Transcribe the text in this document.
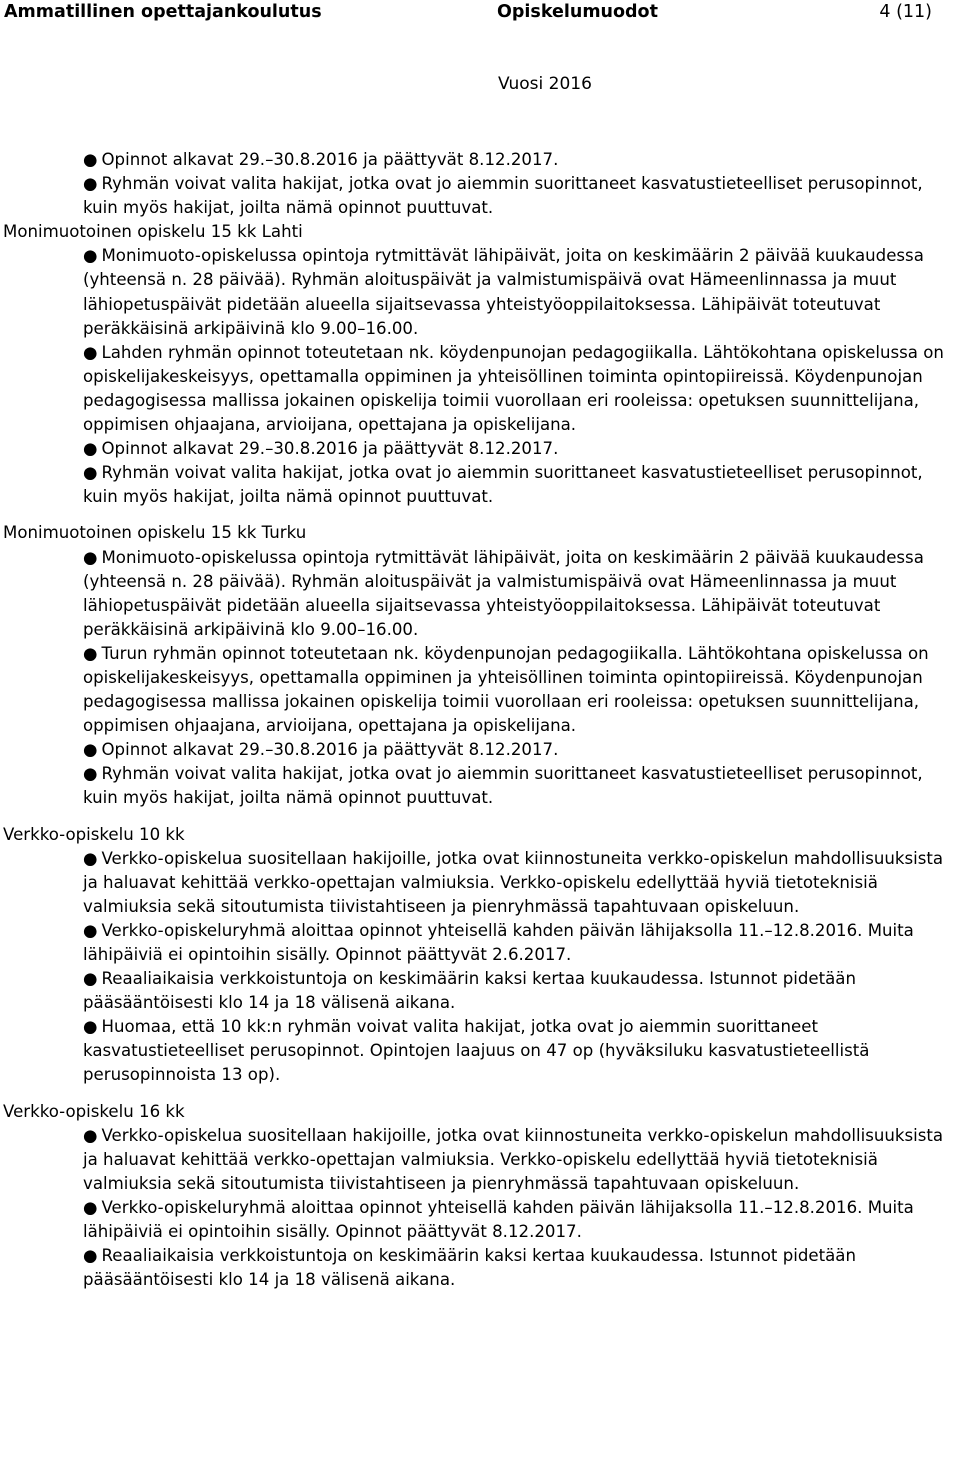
Ammatillinen opettajankoulutus	Opiskelumuodot	4 (11)
Vuosi 2016

● Opinnot alkavat 29.–30.8.2016 ja päättyvät 8.12.2017.

● Ryhmän voivat valita hakijat, jotka ovat jo aiemmin suorittaneet kasvatustieteelliset perusopinnot, kuin myös hakijat, joilta nämä opinnot puuttuvat.

Monimuotoinen opiskelu 15 kk Lahti

● Monimuoto-opiskelussa opintoja rytmittävät lähipäivät, joita on keskimäärin 2 päivää kuukaudessa (yhteensä n. 28 päivää). Ryhmän aloituspäivät ja valmistumispäivä ovat Hämeenlinnassa ja muut lähiopetuspäivät pidetään alueella sijaitsevassa yhteistyöoppilaitoksessa. Lähipäivät toteutuvat peräkkäisinä arkipäivinä klo 9.00–16.00.

● Lahden ryhmän opinnot toteutetaan nk. köydenpunojan pedagogiikalla. Lähtökohtana opiskelussa on opiskelijakeskeisyys, opettamalla oppiminen ja yhteisöllinen toiminta opintopiireissä. Köydenpunojan pedagogisessa mallissa jokainen opiskelija toimii vuorollaan eri rooleissa: opetuksen suunnittelijana, oppimisen ohjaajana, arvioijana, opettajana ja opiskelijana.

● Opinnot alkavat 29.–30.8.2016 ja päättyvät 8.12.2017.

● Ryhmän voivat valita hakijat, jotka ovat jo aiemmin suorittaneet kasvatustieteelliset perusopinnot, kuin myös hakijat, joilta nämä opinnot puuttuvat.

Monimuotoinen opiskelu 15 kk Turku

● Monimuoto-opiskelussa opintoja rytmittävät lähipäivät, joita on keskimäärin 2 päivää kuukaudessa (yhteensä n. 28 päivää). Ryhmän aloituspäivät ja valmistumispäivä ovat Hämeenlinnassa ja muut lähiopetuspäivät pidetään alueella sijaitsevassa yhteistyöoppilaitoksessa. Lähipäivät toteutuvat peräkkäisinä arkipäivinä klo 9.00–16.00.

● Turun ryhmän opinnot toteutetaan nk. köydenpunojan pedagogiikalla. Lähtökohtana opiskelussa on opiskelijakeskeisyys, opettamalla oppiminen ja yhteisöllinen toiminta opintopiireissä. Köydenpunojan pedagogisessa mallissa jokainen opiskelija toimii vuorollaan eri rooleissa: opetuksen suunnittelijana, oppimisen ohjaajana, arvioijana, opettajana ja opiskelijana.

● Opinnot alkavat 29.–30.8.2016 ja päättyvät 8.12.2017.

● Ryhmän voivat valita hakijat, jotka ovat jo aiemmin suorittaneet kasvatustieteelliset perusopinnot, kuin myös hakijat, joilta nämä opinnot puuttuvat.

Verkko-opiskelu 10 kk

● Verkko-opiskelua suositellaan hakijoille, jotka ovat kiinnostuneita verkko-opiskelun mahdollisuuksista ja haluavat kehittää verkko-opettajan valmiuksia. Verkko-opiskelu edellyttää hyviä tietoteknisiä valmiuksia sekä sitoutumista tiivistahtiseen ja pienryhmässä tapahtuvaan opiskeluun.

● Verkko-opiskeluryhmä aloittaa opinnot yhteisellä kahden päivän lähijaksolla 11.–12.8.2016. Muita lähipäiviä ei opintoihin sisälly. Opinnot päättyvät 2.6.2017.

● Reaaliaikaisia verkkoistuntoja on keskimäärin kaksi kertaa kuukaudessa. Istunnot pidetään pääsääntöisesti klo 14 ja 18 välisenä aikana.

● Huomaa, että 10 kk:n ryhmän voivat valita hakijat, jotka ovat jo aiemmin suorittaneet kasvatustieteelliset perusopinnot. Opintojen laajuus on 47 op (hyväksiluku kasvatustieteellistä perusopinnoista 13 op).

Verkko-opiskelu 16 kk

● Verkko-opiskelua suositellaan hakijoille, jotka ovat kiinnostuneita verkko-opiskelun mahdollisuuksista ja haluavat kehittää verkko-opettajan valmiuksia. Verkko-opiskelu edellyttää hyviä tietoteknisiä valmiuksia sekä sitoutumista tiivistahtiseen ja pienryhmässä tapahtuvaan opiskeluun.

● Verkko-opiskeluryhmä aloittaa opinnot yhteisellä kahden päivän lähijaksolla 11.–12.8.2016. Muita lähipäiviä ei opintoihin sisälly. Opinnot päättyvät 8.12.2017.

● Reaaliaikaisia verkkoistuntoja on keskimäärin kaksi kertaa kuukaudessa. Istunnot pidetään pääsääntöisesti klo 14 ja 18 välisenä aikana.
